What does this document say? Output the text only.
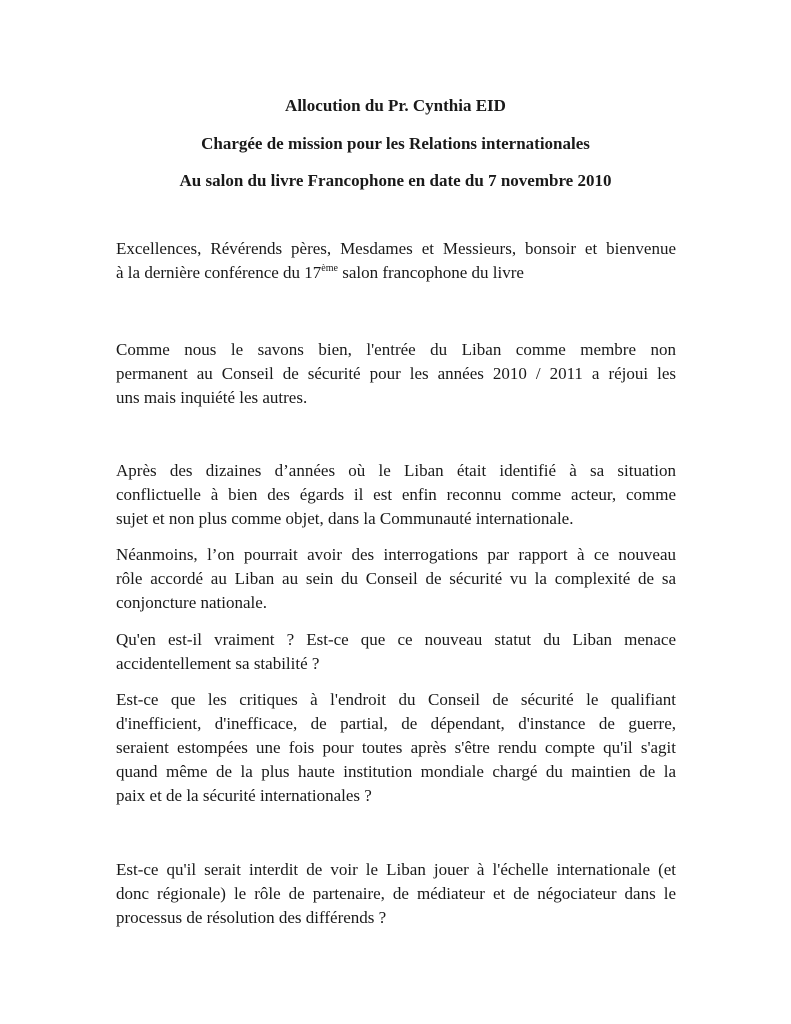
Allocution du Pr. Cynthia EID
Chargée de mission pour les Relations internationales
Au salon du livre Francophone en date du 7 novembre 2010
Excellences, Révérends pères, Mesdames et Messieurs, bonsoir et bienvenue
à la dernière conférence du 17ème salon francophone du livre
Comme nous le savons bien, l'entrée du Liban comme membre non
permanent au Conseil de sécurité pour les années 2010 / 2011 a réjoui les
uns mais inquiété les autres.
Après des dizaines d’années où le Liban était identifié à sa situation
conflictuelle à bien des égards il est enfin reconnu comme acteur, comme
sujet et non plus comme objet, dans la Communauté internationale.
Néanmoins, l’on pourrait avoir des interrogations par rapport à ce nouveau
rôle accordé au Liban au sein du Conseil de sécurité vu la complexité de sa
conjoncture nationale.
Qu'en est-il vraiment ? Est-ce que ce nouveau statut du Liban menace
accidentellement sa stabilité ?
Est-ce que les critiques à l'endroit du Conseil de sécurité le qualifiant
d'inefficient, d'inefficace, de partial, de dépendant, d'instance de guerre,
seraient estompées une fois pour toutes après s'être rendu compte qu'il s'agit
quand même de la plus haute institution mondiale chargé du maintien de la
paix et de la sécurité internationales ?
Est-ce qu'il serait interdit de voir le Liban jouer à l'échelle internationale (et
donc régionale) le rôle de partenaire, de médiateur et de négociateur dans le
processus de résolution des différends ?
